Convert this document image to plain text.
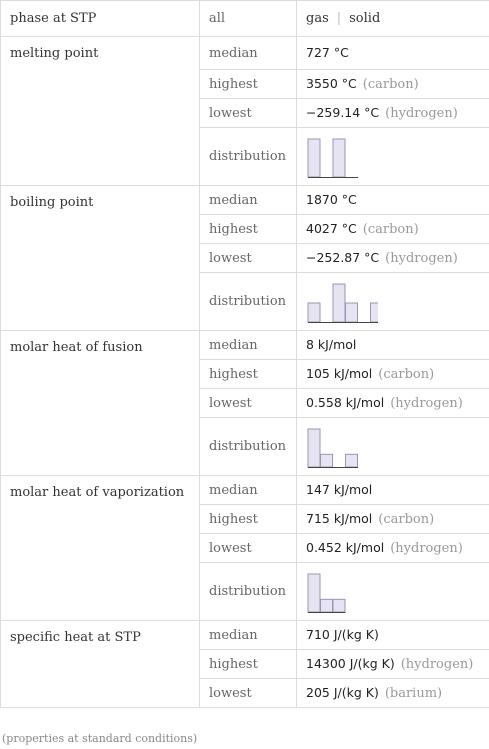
phase at STP	all	gas | solid
melting point	median	727 °C
	highest	3550 °C (carbon)
	lowest	−259.14 °C (hydrogen)
	distribution	

boiling point	median	1870 °C
	highest	4027 °C (carbon)
	lowest	−252.87 °C (hydrogen)
	distribution	

molar heat of fusion	median	8 kJ/mol
	highest	105 kJ/mol (carbon)
	lowest	0.558 kJ/mol (hydrogen)
	distribution	

molar heat of vaporization	median	147 kJ/mol
	highest	715 kJ/mol (carbon)
	lowest	0.452 kJ/mol (hydrogen)
	distribution	

specific heat at STP	median	710 J/(kg K)
	highest	14300 J/(kg K) (hydrogen)
	lowest	205 J/(kg K) (barium)
(properties at standard conditions)
